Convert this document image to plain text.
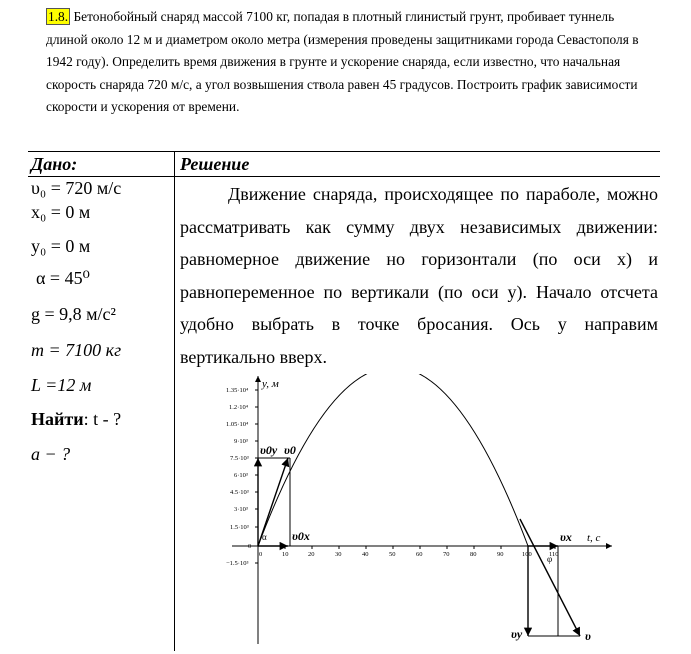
1.8. Бетонобойный снаряд массой 7100 кг, попадая в плотный глинистый грунт, пробивает туннель длиной около 12 м и диаметром около метра (измерения проведены защитниками города Севастополя в 1942 году). Определить время движения в грунте и ускорение снаряда, если известно, что начальная скорость снаряда 720 м/с, а угол возвышения ствола равен 45 градусов. Построить график зависимости скорости и ускорения от времени.
Дано:	Решение
υ₀ = 720 м/с
x₀ = 0 м
y₀ = 0 м
α = 45⁰
g = 9,8 м/с²
m = 7100 кг
L =12 м
Найти: t - ?
a − ?

Движение снаряда, происходящее по параболе, можно рассматривать как сумму двух независимых движении: равномерное движение но горизонтали (по оси x) и равнопеременное по вертикали (по оси y). Начало отсчета удобно выбрать в точке бросания. Ось y направим вертикально вверх.

y, м
t, с
0
1.35·10⁴
1.2·10⁴
1.05·10⁴
9·10³
7.5·10³
6·10³
4.5·10³
3·10³
1.5·10³
0
−1.5·10³
10	20	30	40	50	60	70	80	90	100	110
υ0y υ0
υ0x
α	υx
φ
υy	υ
